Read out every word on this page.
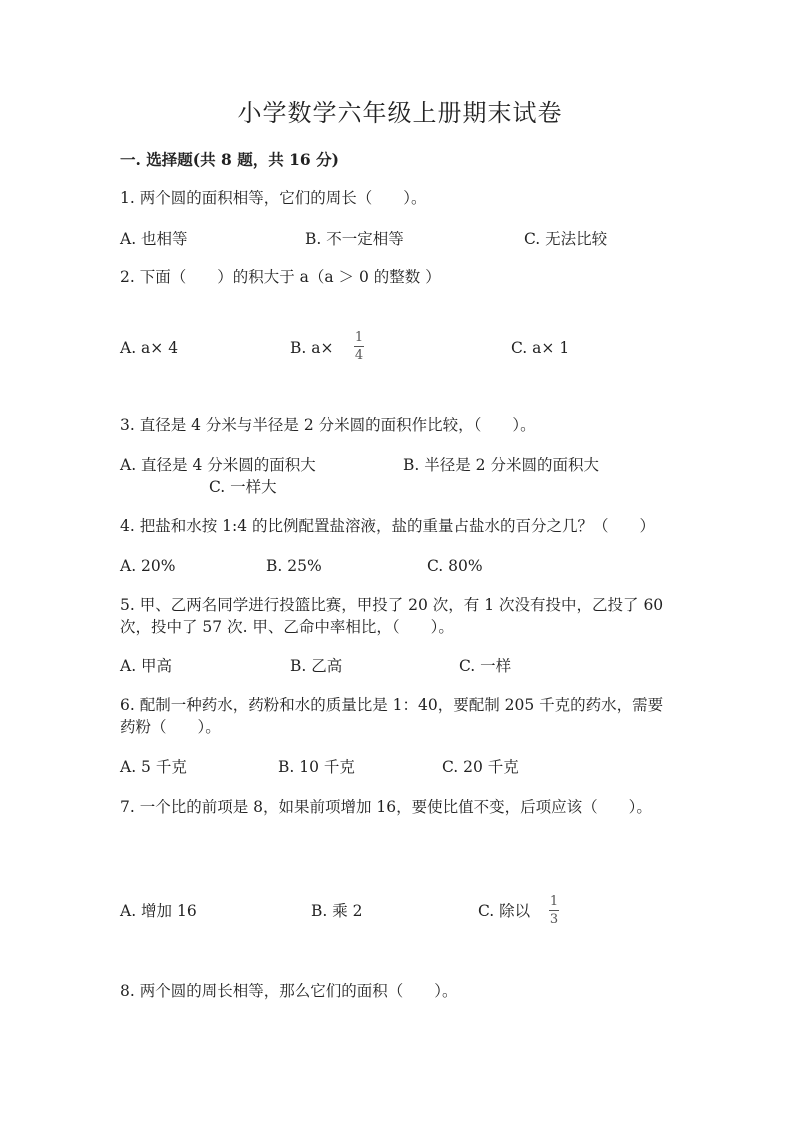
小学数学六年级上册期末试卷
一. 选择题(共 8 题，共 16 分)
1. 两个圆的面积相等，它们的周长（　　）。
A. 也相等	B. 不一定相等	C. 无法比较
2. 下面（　　）的积大于 a（a ＞ 0 的整数 ）
A. a× 4	B. a×
1
4	C. a× 1
3. 直径是 4 分米与半径是 2 分米圆的面积作比较，（　　）。
A. 直径是 4 分米圆的面积大	B. 半径是 2 分米圆的面积大
C. 一样大
4. 把盐和水按 1:4 的比例配置盐溶液，盐的重量占盐水的百分之几？（　　）
A. 20%	B. 25%	C. 80%
5. 甲、乙两名同学进行投篮比赛，甲投了 20 次，有 1 次没有投中，乙投了 60
次，投中了 57 次. 甲、乙命中率相比，（　　）。
A. 甲高	B. 乙高	C. 一样
6. 配制一种药水，药粉和水的质量比是 1：40，要配制 205 千克的药水，需要
药粉（　　）。
A. 5 千克	B. 10 千克	C. 20 千克
7. 一个比的前项是 8，如果前项增加 16，要使比值不变，后项应该（　　）。
A. 增加 16	B. 乘 2	C. 除以
1
3
8. 两个圆的周长相等，那么它们的面积（　　）。
